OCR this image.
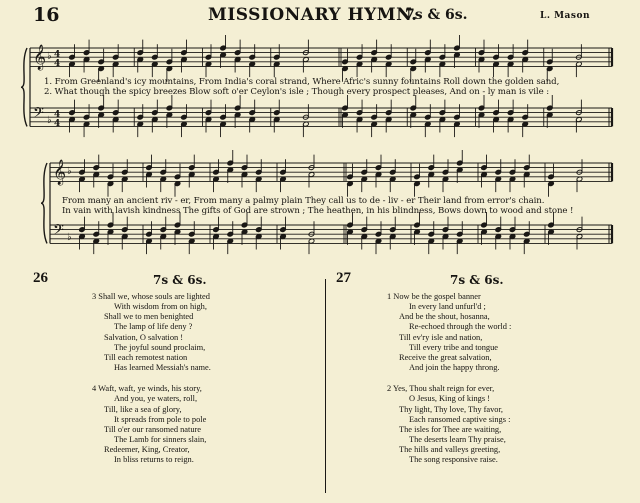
16	MISSIONARY HYMN.
7s & 6s.	L. Mason
𝄞
𝄢
♭
♭
4
4
4
4
𝄞
𝄢
♭
♭
1. From Greenland's icy mountains, From India's coral strand, Where Afric's sunny fountains Roll down the golden sand,
2. What though the spicy breezes Blow soft o'er Ceylon's isle ; Though every prospect pleases, And on - ly man is vile :
From many an ancient riv - er, From many a palmy plain They call us to de - liv - er Their land from error's chain.
In vain with lavish kindness The gifts of God are strown ; The heathen, in his blindness, Bows down to wood and stone !
26	7s & 6s.
3 Shall we, whose souls are lighted
With wisdom from on high,
Shall we to men benighted
The lamp of life deny ?
Salvation, O salvation !
The joyful sound proclaim,
Till each remotest nation
Has learned Messiah's name.
4 Waft, waft, ye winds, his story,
And you, ye waters, roll,
Till, like a sea of glory,
It spreads from pole to pole
Till o'er our ransomed nature
The Lamb for sinners slain,
Redeemer, King, Creator,
In bliss returns to reign.
27	7s & 6s.
1 Now be the gospel banner
In every land unfurl'd ;
And be the shout, hosanna,
Re-echoed through the world :
Till ev'ry isle and nation,
Till every tribe and tongue
Receive the great salvation,
And join the happy throng.
2 Yes, Thou shalt reign for ever,
O Jesus, King of kings !
Thy light, Thy love, Thy favor,
Each ransomed captive sings :
The isles for Thee are waiting,
The deserts learn Thy praise,
The hills and valleys greeting,
The song responsive raise.
